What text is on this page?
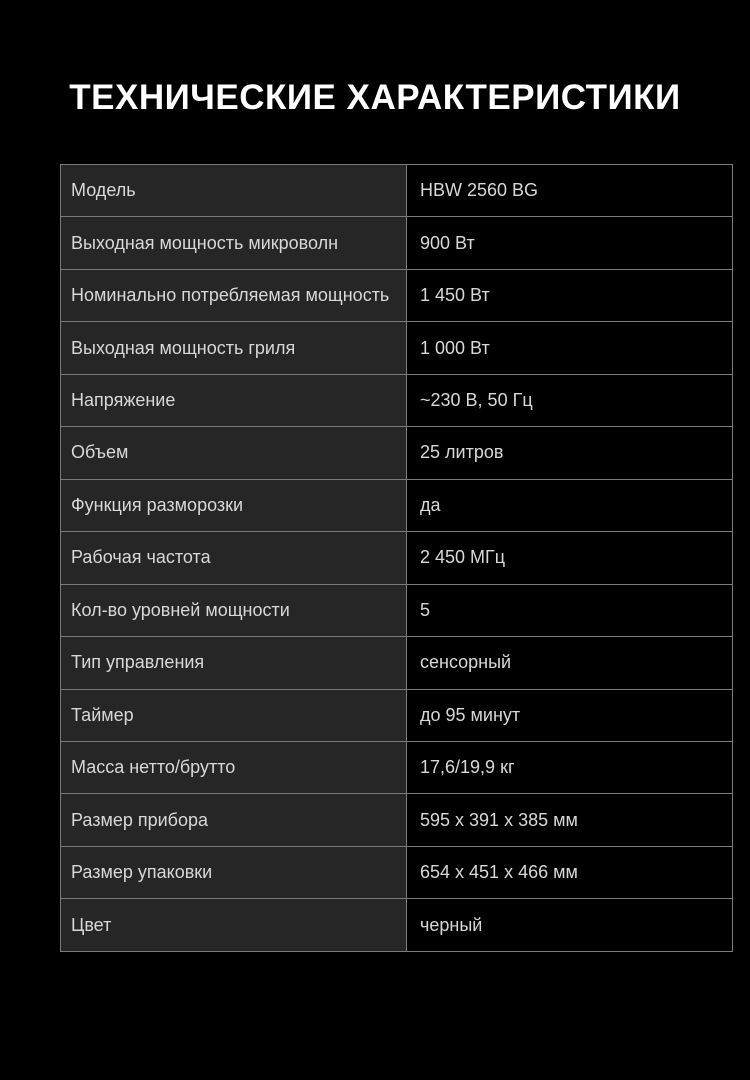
ТЕХНИЧЕСКИЕ ХАРАКТЕРИСТИКИ
Модель	HBW 2560 BG
Выходная мощность микроволн	900 Вт
Номинально потребляемая мощность	1 450 Вт
Выходная мощность гриля	1 000 Вт
Напряжение	~230 В, 50 Гц
Объем	25 литров
Функция разморозки	да
Рабочая частота	2 450 МГц
Кол-во уровней мощности	5
Тип управления	сенсорный
Таймер	до 95 минут
Масса нетто/брутто	17,6/19,9 кг
Размер прибора	595 х 391 х 385 мм
Размер упаковки	654 х 451 х 466 мм
Цвет	черный
